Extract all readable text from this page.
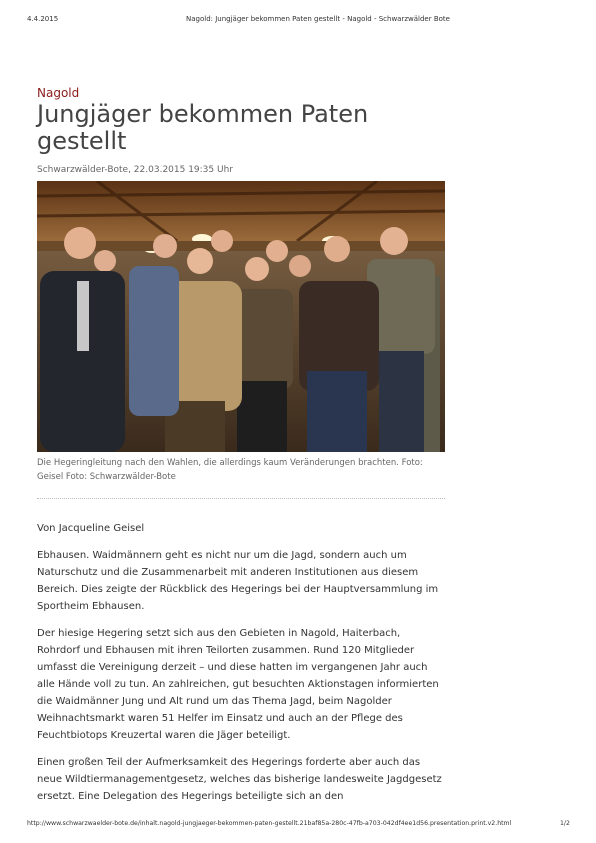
4.4.2015	Nagold: Jungjäger bekommen Paten gestellt - Nagold - Schwarzwälder Bote
Nagold
Jungjäger bekommen Paten gestellt
Schwarzwälder-Bote, 22.03.2015 19:35 Uhr
Die Hegeringleitung nach den Wahlen, die allerdings kaum Veränderungen brachten. Foto: Geisel Foto: Schwarzwälder-Bote

Von Jacqueline Geisel

Ebhausen. Waidmännern geht es nicht nur um die Jagd, sondern auch um Naturschutz und die Zusammenarbeit mit anderen Institutionen aus diesem Bereich. Dies zeigte der Rückblick des Hegerings bei der Hauptversammlung im Sportheim Ebhausen.

Der hiesige Hegering setzt sich aus den Gebieten in Nagold, Haiterbach, Rohrdorf und Ebhausen mit ihren Teilorten zusammen. Rund 120 Mitglieder umfasst die Vereinigung derzeit – und diese hatten im vergangenen Jahr auch alle Hände voll zu tun. An zahlreichen, gut besuchten Aktionstagen informierten die Waidmänner Jung und Alt rund um das Thema Jagd, beim Nagolder Weihnachtsmarkt waren 51 Helfer im Einsatz und auch an der Pflege des Feuchtbiotops Kreuzertal waren die Jäger beteiligt.

Einen großen Teil der Aufmerksamkeit des Hegerings forderte aber auch das neue Wildtiermanagementgesetz, welches das bisherige landesweite Jagdgesetz ersetzt. Eine Delegation des Hegerings beteiligte sich an den

http://www.schwarzwaelder-bote.de/inhalt.nagold-jungjaeger-bekommen-paten-gestellt.21baf85a-280c-47fb-a703-042df4ee1d56.presentation.print.v2.html	1/2
